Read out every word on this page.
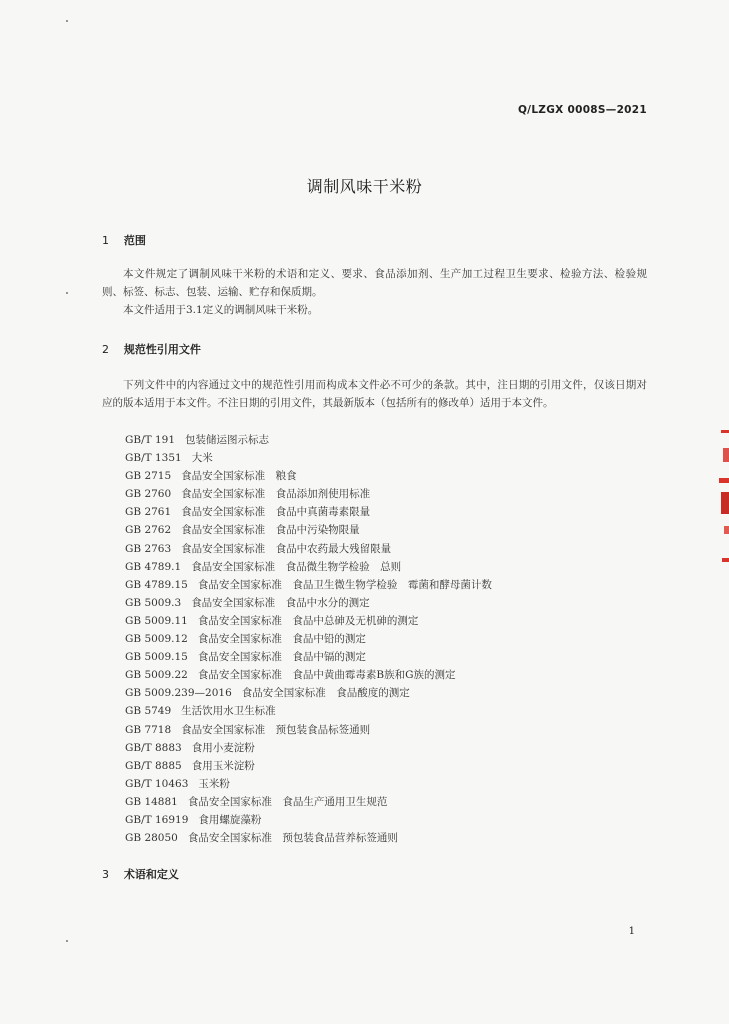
Q/LZGX 0008S—2021
调制风味干米粉
1 范围
本文件规定了调制风味干米粉的术语和定义、要求、食品添加剂、生产加工过程卫生要求、检验方法、检验规则、标签、标志、包装、运输、贮存和保质期。
本文件适用于3.1定义的调制风味干米粉。
2 规范性引用文件
下列文件中的内容通过文中的规范性引用而构成本文件必不可少的条款。其中，注日期的引用文件，仅该日期对应的版本适用于本文件。不注日期的引用文件，其最新版本（包括所有的修改单）适用于本文件。
GB/T 191 包装储运图示标志
GB/T 1351 大米
GB 2715 食品安全国家标准　粮食
GB 2760 食品安全国家标准　食品添加剂使用标准
GB 2761 食品安全国家标准　食品中真菌毒素限量
GB 2762 食品安全国家标准　食品中污染物限量
GB 2763 食品安全国家标准　食品中农药最大残留限量
GB 4789.1 食品安全国家标准　食品微生物学检验　总则
GB 4789.15 食品安全国家标准　食品卫生微生物学检验　霉菌和酵母菌计数
GB 5009.3 食品安全国家标准　食品中水分的测定
GB 5009.11 食品安全国家标准　食品中总砷及无机砷的测定
GB 5009.12 食品安全国家标准　食品中铅的测定
GB 5009.15 食品安全国家标准　食品中镉的测定
GB 5009.22 食品安全国家标准　食品中黄曲霉毒素B族和G族的测定
GB 5009.239—2016 食品安全国家标准　食品酸度的测定
GB 5749 生活饮用水卫生标准
GB 7718 食品安全国家标准　预包装食品标签通则
GB/T 8883 食用小麦淀粉
GB/T 8885 食用玉米淀粉
GB/T 10463 玉米粉
GB 14881 食品安全国家标准　食品生产通用卫生规范
GB/T 16919 食用螺旋藻粉
GB 28050 食品安全国家标准　预包装食品营养标签通则
3 术语和定义
1
